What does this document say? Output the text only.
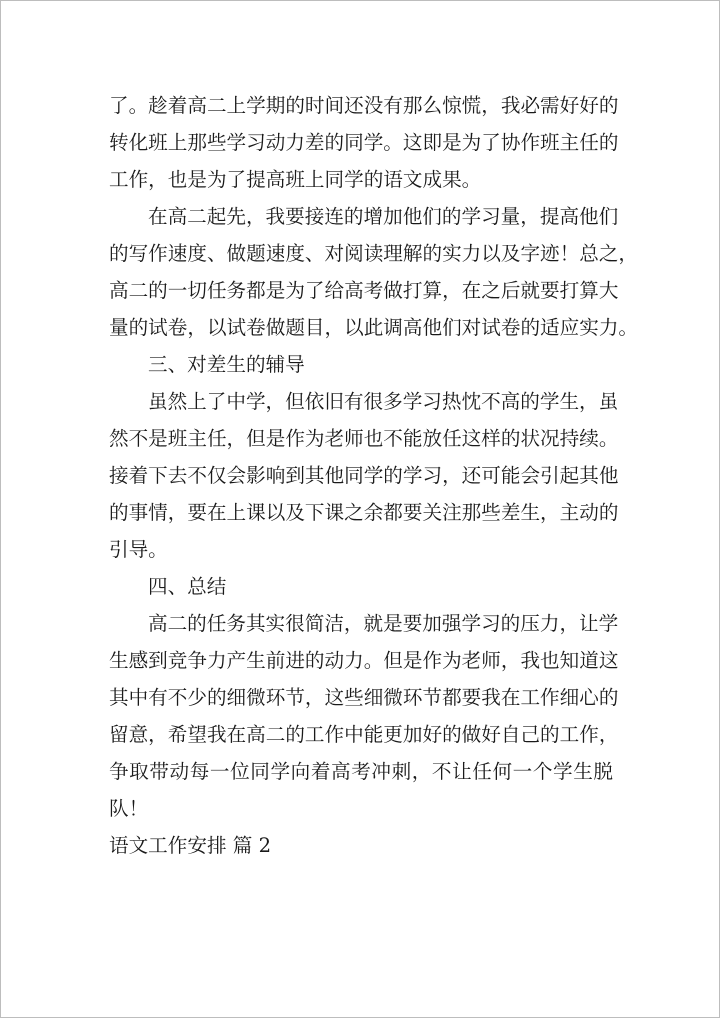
了。趁着高二上学期的时间还没有那么惊慌，我必需好好的
转化班上那些学习动力差的同学。这即是为了协作班主任的
工作，也是为了提高班上同学的语文成果。
在高二起先，我要接连的增加他们的学习量，提高他们
的写作速度、做题速度、对阅读理解的实力以及字迹！总之，
高二的一切任务都是为了给高考做打算，在之后就要打算大
量的试卷，以试卷做题目，以此调高他们对试卷的适应实力。
三、对差生的辅导
虽然上了中学，但依旧有很多学习热忱不高的学生，虽
然不是班主任，但是作为老师也不能放任这样的状况持续。
接着下去不仅会影响到其他同学的学习，还可能会引起其他
的事情，要在上课以及下课之余都要关注那些差生，主动的
引导。
四、总结
高二的任务其实很简洁，就是要加强学习的压力，让学
生感到竞争力产生前进的动力。但是作为老师，我也知道这
其中有不少的细微环节，这些细微环节都要我在工作细心的
留意，希望我在高二的工作中能更加好的做好自己的工作，
争取带动每一位同学向着高考冲刺，不让任何一个学生脱
队！
语文工作安排 篇 2
